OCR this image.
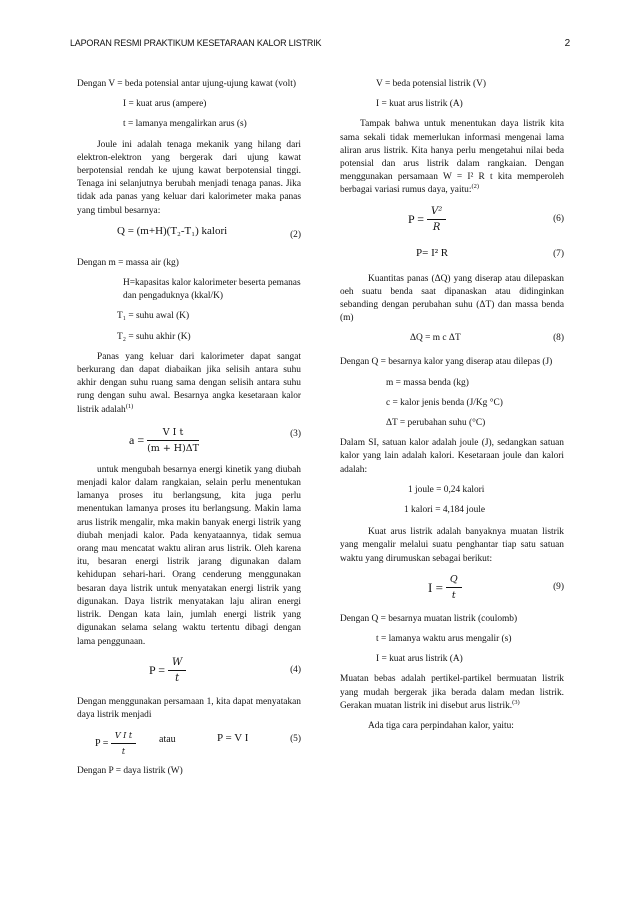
LAPORAN RESMI PRAKTIKUM KESETARAAN KALOR LISTRIK	2

Dengan V = beda potensial antar ujung-ujung kawat (volt)

I = kuat arus (ampere)
t = lamanya mengalirkan arus (s)

Joule ini adalah tenaga mekanik yang hilang dari elektron-elektron yang bergerak dari ujung kawat berpotensial rendah ke ujung kawat berpotensial tinggi. Tenaga ini selanjutnya berubah menjadi tenaga panas. Jika tidak ada panas yang keluar dari kalorimeter maka panas yang timbul besarnya:

Q = (m+H)(T₂-T₁) kalori	(2)

Dengan m = massa air (kg)

H=kapasitas kalor kalorimeter beserta pemanas dan pengaduknya (kkal/K)
T₁ = suhu awal (K)
T₂ = suhu akhir (K)

Panas yang keluar dari kalorimeter dapat sangat berkurang dan dapat diabaikan jika selisih antara suhu akhir dengan suhu ruang sama dengan selisih antara suhu rung dengan suhu awal. Besarnya angka kesetaraan kalor listrik adalah$^{(1)}$

$a = \frac{\text{V I t}}{(m + H)\Delta T}$	(3)

untuk mengubah besarnya energi kinetik yang diubah menjadi kalor dalam rangkaian, selain perlu menentukan lamanya proses itu berlangsung, kita juga perlu menentukan lamanya proses itu berlangsung. Makin lama arus listrik mengalir, mka makin banyak energi listrik yang diubah menjadi kalor. Pada kenyataannya, tidak semua orang mau mencatat waktu aliran arus listrik. Oleh karena itu, besaran energi listrik jarang digunakan dalam kehidupan sehari-hari. Orang cenderung menggunakan besaran daya listrik untuk menyatakan energi listrik yang digunakan. Daya listrik menyatakan laju aliran energi listrik. Dengan kata lain, jumlah energi listrik yang digunakan selama selang waktu tertentu dibagi dengan lama penggunaan.

$P = \frac{W}{t}$	(4)

Dengan menggunakan persamaan 1, kita dapat menyatakan daya listrik menjadi

$P = \frac{\text{V I t}}{t}$ atau	P = V I	(5)

Dengan P = daya listrik (W)

V = beda potensial listrik (V)
I = kuat arus listrik (A)

Tampak bahwa untuk menentukan daya listrik kita sama sekali tidak memerlukan informasi mengenai lama aliran arus listrik. Kita hanya perlu mengetahui nilai beda potensial dan arus listrik dalam rangkaian. Dengan menggunakan persamaan W = I² R t kita memperoleh berbagai variasi rumus daya, yaitu:$^{(2)}$

$P = \frac{\text{V²}}{R}$	(6)
P= I² R	(7)

Kuantitas panas (ΔQ) yang diserap atau dilepaskan oeh suatu benda saat dipanaskan atau didinginkan sebanding dengan perubahan suhu (ΔT) dan massa benda (m)

ΔQ = m c ΔT	(8)

Dengan Q = besarnya kalor yang diserap atau dilepas (J)

m = massa benda (kg)
c = kalor jenis benda (J/Kg °C)
ΔT = perubahan suhu (°C)

Dalam SI, satuan kalor adalah joule (J), sedangkan satuan kalor yang lain adalah kalori. Kesetaraan joule dan kalori adalah:

1 joule = 0,24 kalori
1 kalori = 4,184 joule

Kuat arus listrik adalah banyaknya muatan listrik yang mengalir melalui suatu penghantar tiap satu satuan waktu yang dirumuskan sebagai berikut:

$I = \frac{Q}{t}$	(9)

Dengan Q = besarnya muatan listrik (coulomb)

t = lamanya waktu arus mengalir (s)
I = kuat arus listrik (A)

Muatan bebas adalah pertikel-partikel bermuatan listrik yang mudah bergerak jika berada dalam medan listrik. Gerakan muatan listrik ini disebut arus listrik.$^{(3)}$

Ada tiga cara perpindahan kalor, yaitu:
